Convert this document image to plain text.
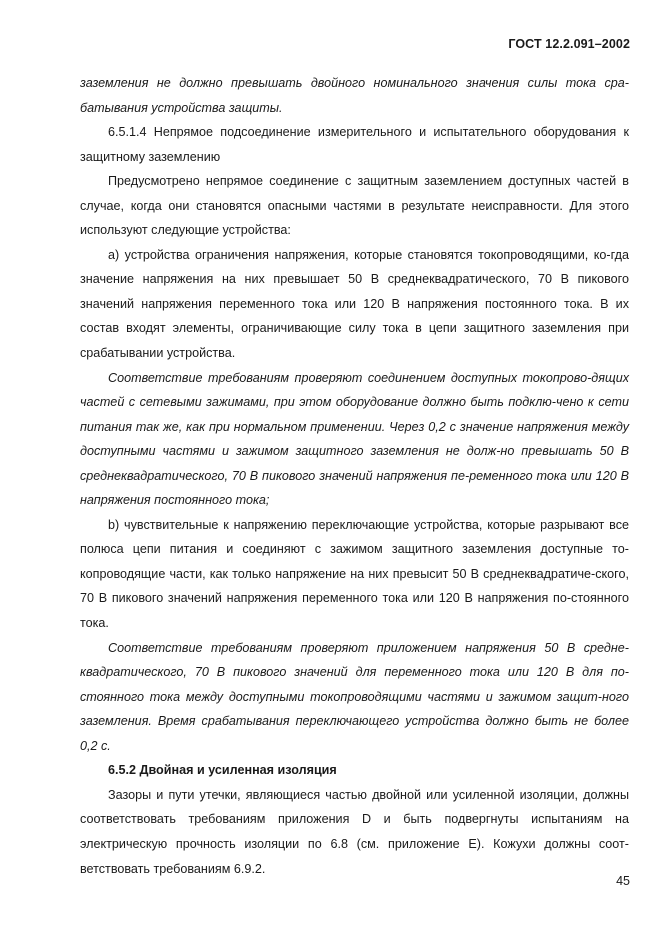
ГОСТ 12.2.091–2002

заземления не должно превышать двойного номинального значения силы тока сра-батывания устройства защиты.

6.5.1.4 Непрямое подсоединение измерительного и испытательного оборудования к защитному заземлению

Предусмотрено непрямое соединение с защитным заземлением доступных частей в случае, когда они становятся опасными частями в результате неисправности. Для этого используют следующие устройства:

a) устройства ограничения напряжения, которые становятся токопроводящими, ко-гда значение напряжения на них превышает 50 В среднеквадратического, 70 В пикового значений напряжения переменного тока или 120 В напряжения постоянного тока. В их состав входят элементы, ограничивающие силу тока в цепи защитного заземления при срабатывании устройства.

Соответствие требованиям проверяют соединением доступных токопрово-дящих частей с сетевыми зажимами, при этом оборудование должно быть подклю-чено к сети питания так же, как при нормальном применении. Через 0,2 с значение напряжения между доступными частями и зажимом защитного заземления не долж-но превышать 50 В среднеквадратического, 70 В пикового значений напряжения пе-ременного тока или 120 В напряжения постоянного тока;

b) чувствительные к напряжению переключающие устройства, которые разрывают все полюса цепи питания и соединяют с зажимом защитного заземления доступные то-копроводящие части, как только напряжение на них превысит 50 В среднеквадратиче-ского, 70 В пикового значений напряжения переменного тока или 120 В напряжения по-стоянного тока.

Соответствие требованиям проверяют приложением напряжения 50 В средне-квадратического, 70 В пикового значений для переменного тока или 120 В для по-стоянного тока между доступными токопроводящими частями и зажимом защит-ного заземления. Время срабатывания переключающего устройства должно быть не более 0,2 с.

6.5.2 Двойная и усиленная изоляция

Зазоры и пути утечки, являющиеся частью двойной или усиленной изоляции, должны соответствовать требованиям приложения D и быть подвергнуты испытаниям на электрическую прочность изоляции по 6.8 (см. приложение Е). Кожухи должны соот-ветствовать требованиям 6.9.2.

45
